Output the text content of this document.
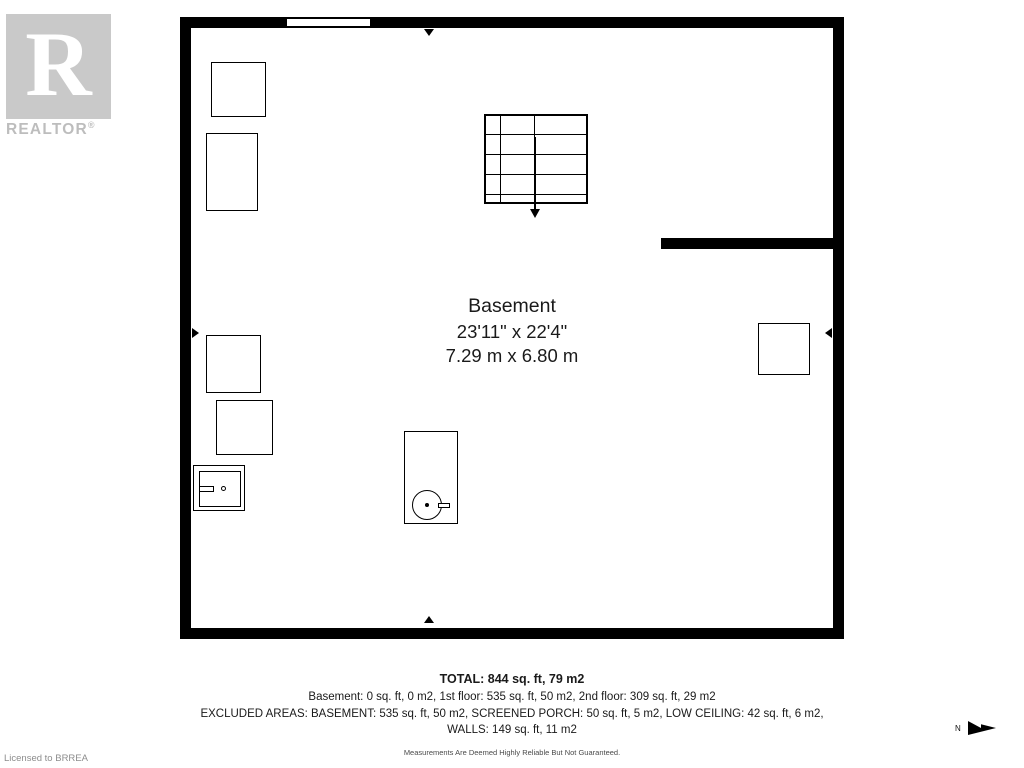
R
REALTOR®
Basement
23'11" x 22'4"
7.29 m x 6.80 m
TOTAL: 844 sq. ft, 79 m2
Basement: 0 sq. ft, 0 m2, 1st floor: 535 sq. ft, 50 m2, 2nd floor: 309 sq. ft, 29 m2
EXCLUDED AREAS: BASEMENT: 535 sq. ft, 50 m2, SCREENED PORCH: 50 sq. ft, 5 m2, LOW CEILING: 42 sq. ft, 6 m2,
WALLS: 149 sq. ft, 11 m2
Measurements Are Deemed Highly Reliable But Not Guaranteed.
N
Licensed to BRREA
